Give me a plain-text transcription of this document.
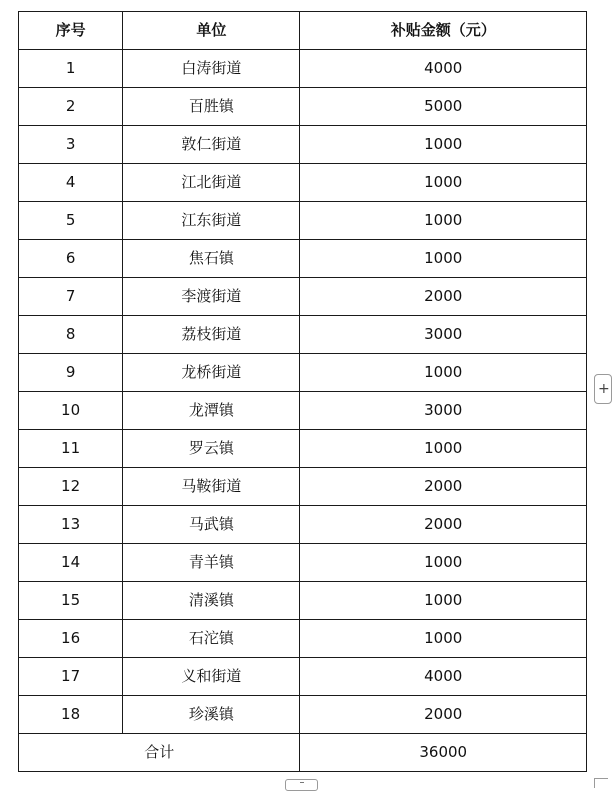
序号	单位	补贴金额（元）
1	白涛街道	4000
2	百胜镇	5000
3	敦仁街道	1000
4	江北街道	1000
5	江东街道	1000
6	焦石镇	1000
7	李渡街道	2000
8	荔枝街道	3000
9	龙桥街道	1000
10	龙潭镇	3000
11	罗云镇	1000
12	马鞍街道	2000
13	马武镇	2000
14	青羊镇	1000
15	清溪镇	1000
16	石沱镇	1000
17	义和街道	4000
18	珍溪镇	2000
合计		36000
+
